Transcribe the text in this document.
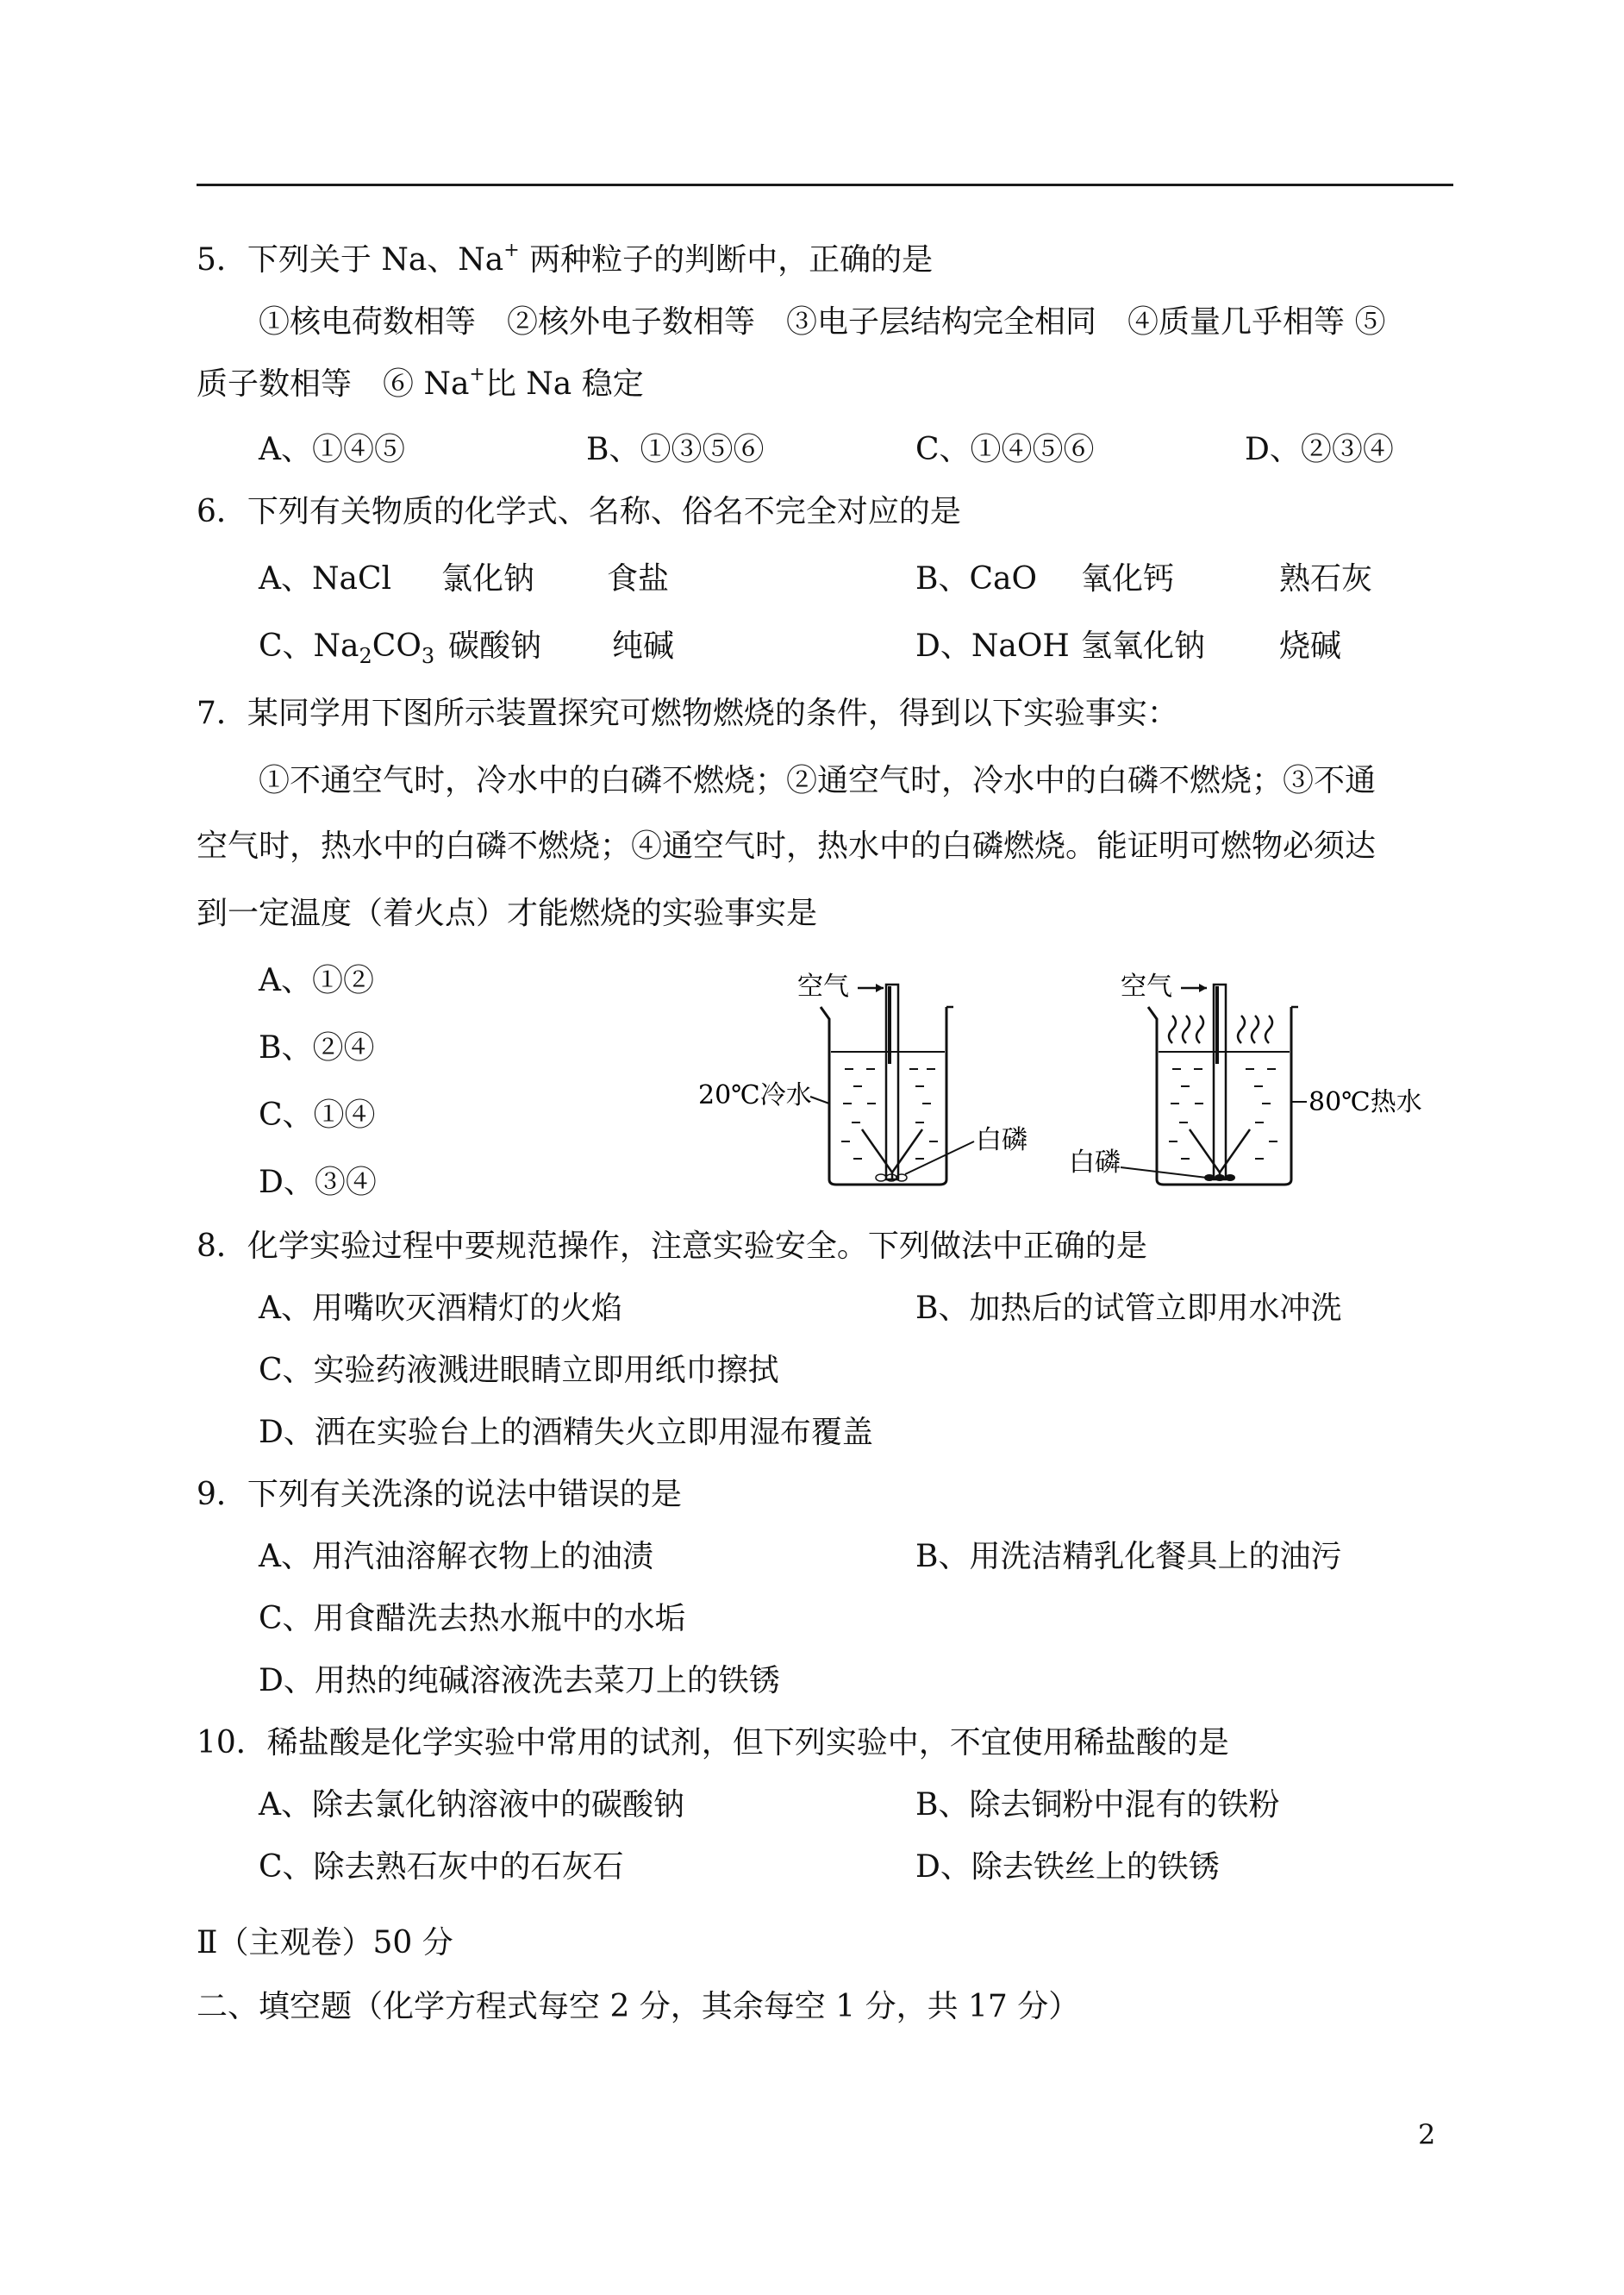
5．下列关于 Na、Na+ 两种粒子的判断中，正确的是
①核电荷数相等　②核外电子数相等　③电子层结构完全相同　④质量几乎相等 ⑤
质子数相等　⑥ Na+比 Na 稳定
A、①④⑤	B、①③⑤⑥	C、①④⑤⑥	D、②③④
6．下列有关物质的化学式、名称、俗名不完全对应的是
A、NaCl 氯化钠 食盐	B、CaO 氧化钙	熟石灰
C、$Na_2CO_3$ 碳酸钠 纯碱	D、NaOH 氢氧化钠 烧碱
7．某同学用下图所示装置探究可燃物燃烧的条件，得到以下实验事实：
①不通空气时，冷水中的白磷不燃烧；②通空气时，冷水中的白磷不燃烧；③不通
空气时，热水中的白磷不燃烧；④通空气时，热水中的白磷燃烧。能证明可燃物必须达
到一定温度（着火点）才能燃烧的实验事实是
A、①②
B、②④
C、①④
D、③④
空气
20℃冷水
白磷
空气
80℃热水
白磷
8．化学实验过程中要规范操作，注意实验安全。下列做法中正确的是
A、用嘴吹灭酒精灯的火焰	B、加热后的试管立即用水冲洗
C、实验药液溅进眼睛立即用纸巾擦拭
D、洒在实验台上的酒精失火立即用湿布覆盖
9．下列有关洗涤的说法中错误的是
A、用汽油溶解衣物上的油渍	B、用洗洁精乳化餐具上的油污
C、用食醋洗去热水瓶中的水垢
D、用热的纯碱溶液洗去菜刀上的铁锈
10．稀盐酸是化学实验中常用的试剂，但下列实验中，不宜使用稀盐酸的是
A、除去氯化钠溶液中的碳酸钠	B、除去铜粉中混有的铁粉
C、除去熟石灰中的石灰石	D、除去铁丝上的铁锈
Ⅱ（主观卷）50 分
二、填空题（化学方程式每空 2 分，其余每空 1 分，共 17 分）
2
